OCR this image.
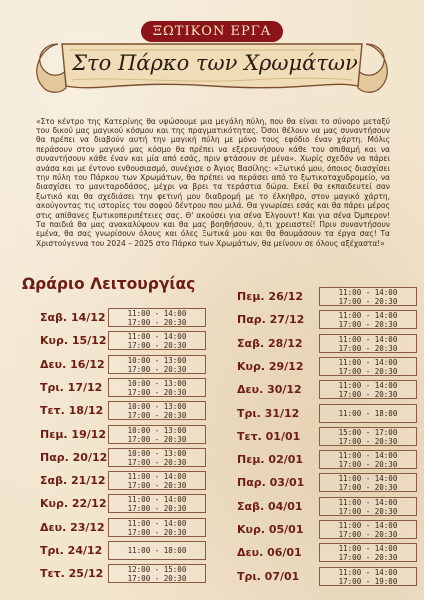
ΞΩΤΙΚΟΝ ΕΡΓΑ
Στο Πάρκο των Χρωμάτων

«Στο κέντρο της Κατερίνης θα υψώσουμε μια μεγάλη πύλη, που θα είναι το σύνορο μεταξύ του δικού μας μαγικού κόσμου και της πραγματικότητας. Όσοι θέλουν να μας συναντήσουν θα πρέπει να διαβούν αυτή την μαγική πύλη με μόνο τους εφόδιο έναν χάρτη. Μόλις περάσουν στον μαγικό μας κόσμο θα πρέπει να εξερευνήσουν κάθε του σπιθαμή και να συναντήσουν κάθε έναν και μία από εσάς, πριν φτάσουν σε μένα». Χωρίς σχεδόν να πάρει ανάσα και με έντονο ενθουσιασμό, συνέχισε ο Άγιος Βασίλης: «Ξωτικό μου, όποιος διασχίσει την πύλη του Πάρκου των Χρωμάτων, θα πρέπει να περάσει από το ξωτικοταχυδρομείο, να διασχίσει το μανιταροδάσος, μέχρι να βρει τα τεράστια δώρα. Εκεί θα εκπαιδευτεί σαν ξωτικό και θα σχεδιάσει την φετινή μου διαδρομή με το έλκηθρο, στον μαγικό χάρτη, ακούγοντας τις ιστορίες του σοφού δέντρου που μιλά. Θα γνωρίσει εσάς και θα πάρει μέρος στις απίθανες ξωτικοπεριπέτειες σας. Θ' ακούσει για σένα Έλγουντ! Και για σένα Όμπερον! Τα παιδιά θα μας ανακαλύψουν και θα μας βοηθήσουν, ό,τι χρειαστεί! Πριν συναντήσουν εμένα, θα σας γνωρίσουν όλους και όλες Ξωτικά μου και θα θαυμάσουν τα έργα σας! Τα Χριστούγεννα του 2024 – 2025 στο Πάρκο των Χρωμάτων, θα μείνουν σε όλους αξέχαστα!»

Ωράριο Λειτουργίας
Σαβ. 14/12	11:00 - 14:00
17:00 - 20:30
Κυρ. 15/12	11:00 - 14:00
17:00 - 20:30
Δευ. 16/12	10:00 - 13:00
17:00 - 20:30
Τρι. 17/12	10:00 - 13:00
17:00 - 20:30
Τετ. 18/12	10:00 - 13:00
17:00 - 20:30
Πεμ. 19/12	10:00 - 13:00
17:00 - 20:30
Παρ. 20/12	10:00 - 13:00
17:00 - 20:30
Σαβ. 21/12	11:00 - 14:00
17:00 - 20:30
Κυρ. 22/12	11:00 - 14:00
17:00 - 20:30
Δευ. 23/12	11:00 - 14:00
17:00 - 20:30
Τρι. 24/12	11:00 - 18:00
Τετ. 25/12	12:00 - 15:00
17:00 - 20:30
Πεμ. 26/12	11:00 - 14:00
17:00 - 20:30
Παρ. 27/12	11:00 - 14:00
17:00 - 20:30
Σαβ. 28/12	11:00 - 14:00
17:00 - 20:30
Κυρ. 29/12	11:00 - 14:00
17:00 - 20:30
Δευ. 30/12	11:00 - 14:00
17:00 - 20:30
Τρι. 31/12	11:00 - 18:00
Τετ. 01/01	15:00 - 17:00
17:00 - 20:30
Πεμ. 02/01	11:00 - 14:00
17:00 - 20:30
Παρ. 03/01	11:00 - 14:00
17:00 - 20:30
Σαβ. 04/01	11:00 - 14:00
17:00 - 20:30
Κυρ. 05/01	11:00 - 14:00
17:00 - 20:30
Δευ. 06/01	11:00 - 14:00
17:00 - 20:30
Τρι. 07/01	11:00 - 14:00
17:00 - 19:00
